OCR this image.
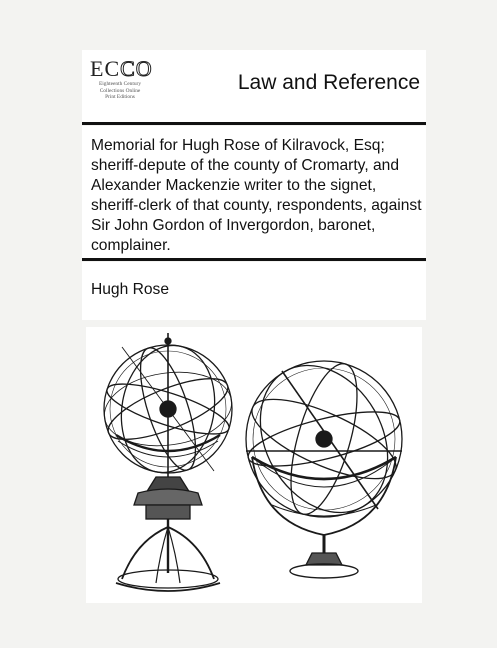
ECCO
Eighteenth Century
Collections Online
Print Editions
Law and Reference
Memorial for Hugh Rose of Kilravock, Esq; sheriff-depute of the county of Cromarty, and Alexander Mackenzie writer to the signet, sheriff-clerk of that county, respondents, against Sir John Gordon of Invergordon, baronet, complainer.
Hugh Rose
